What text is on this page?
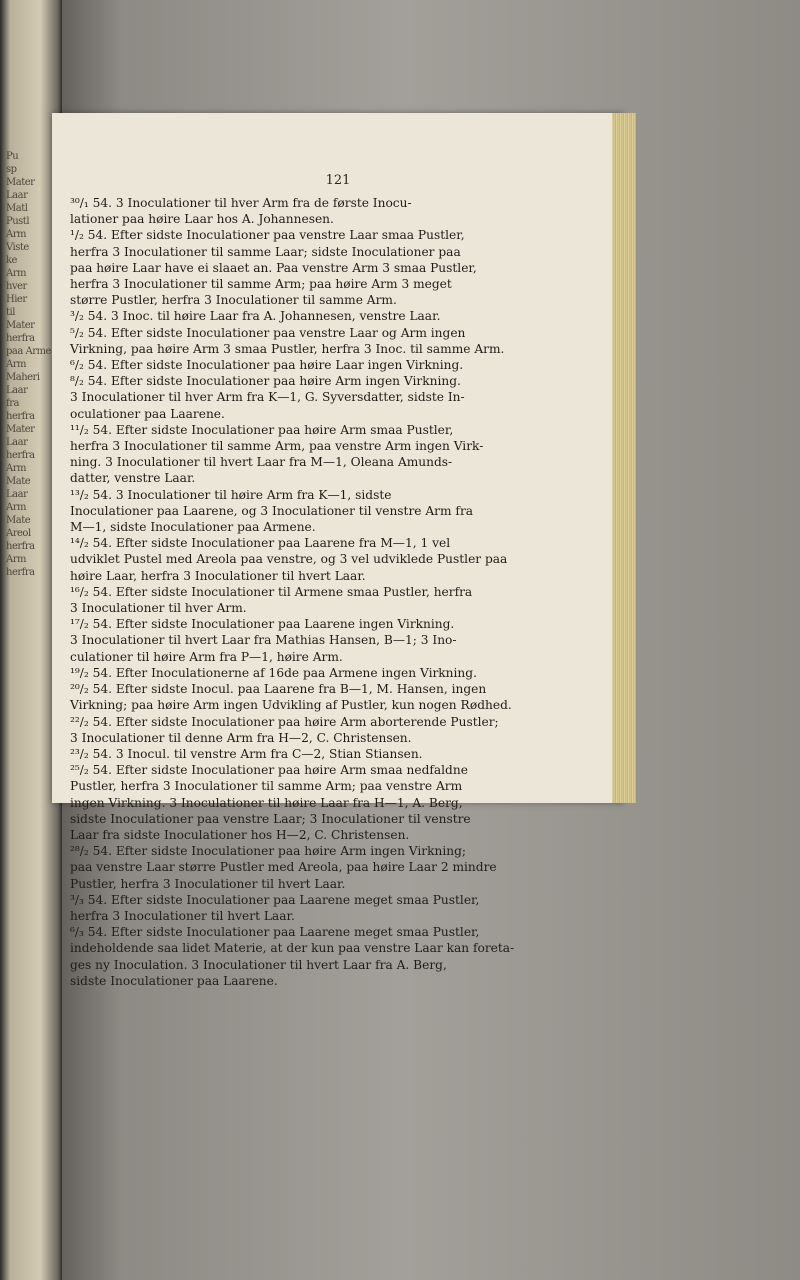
Pu
sp
Mater
Laar
Matl
Pustl
Arm
Viste
ke
Arm
hver
Hier
til
Mater
herfra
paa Arme
Arm
Maheri
Laar
fra
herfra
Mater
Laar
herfra
Arm
Mate
Laar
Arm
Mate
Areol
herfra
Arm
herfra
121
³⁰/₁ 54. 3 Inoculationer til hver Arm fra de første Inocu-
lationer paa høire Laar hos A. Johannesen.
¹/₂ 54. Efter sidste Inoculationer paa venstre Laar smaa Pustler,
herfra 3 Inoculationer til samme Laar; sidste Inoculationer paa
paa høire Laar have ei slaaet an. Paa venstre Arm 3 smaa Pustler,
herfra 3 Inoculationer til samme Arm; paa høire Arm 3 meget
større Pustler, herfra 3 Inoculationer til samme Arm.
³/₂ 54. 3 Inoc. til høire Laar fra A. Johannesen, venstre Laar.
⁵/₂ 54. Efter sidste Inoculationer paa venstre Laar og Arm ingen
Virkning, paa høire Arm 3 smaa Pustler, herfra 3 Inoc. til samme Arm.
⁶/₂ 54. Efter sidste Inoculationer paa høire Laar ingen Virkning.
⁸/₂ 54. Efter sidste Inoculationer paa høire Arm ingen Virkning.
3 Inoculationer til hver Arm fra K—1, G. Syversdatter, sidste In-
oculationer paa Laarene.
¹¹/₂ 54. Efter sidste Inoculationer paa høire Arm smaa Pustler,
herfra 3 Inoculationer til samme Arm, paa venstre Arm ingen Virk-
ning. 3 Inoculationer til hvert Laar fra M—1, Oleana Amunds-
datter, venstre Laar.
¹³/₂ 54. 3 Inoculationer til høire Arm fra K—1, sidste
Inoculationer paa Laarene, og 3 Inoculationer til venstre Arm fra
M—1, sidste Inoculationer paa Armene.
¹⁴/₂ 54. Efter sidste Inoculationer paa Laarene fra M—1, 1 vel
udviklet Pustel med Areola paa venstre, og 3 vel udviklede Pustler paa
høire Laar, herfra 3 Inoculationer til hvert Laar.
¹⁶/₂ 54. Efter sidste Inoculationer til Armene smaa Pustler, herfra
3 Inoculationer til hver Arm.
¹⁷/₂ 54. Efter sidste Inoculationer paa Laarene ingen Virkning.
3 Inoculationer til hvert Laar fra Mathias Hansen, B—1; 3 Ino-
culationer til høire Arm fra P—1, høire Arm.
¹⁹/₂ 54. Efter Inoculationerne af 16de paa Armene ingen Virkning.
²⁰/₂ 54. Efter sidste Inocul. paa Laarene fra B—1, M. Hansen, ingen
Virkning; paa høire Arm ingen Udvikling af Pustler, kun nogen Rødhed.
²²/₂ 54. Efter sidste Inoculationer paa høire Arm aborterende Pustler;
3 Inoculationer til denne Arm fra H—2, C. Christensen.
²³/₂ 54. 3 Inocul. til venstre Arm fra C—2, Stian Stiansen.
²⁵/₂ 54. Efter sidste Inoculationer paa høire Arm smaa nedfaldne
Pustler, herfra 3 Inoculationer til samme Arm; paa venstre Arm
ingen Virkning. 3 Inoculationer til høire Laar fra H—1, A. Berg,
sidste Inoculationer paa venstre Laar; 3 Inoculationer til venstre
Laar fra sidste Inoculationer hos H—2, C. Christensen.
²⁸/₂ 54. Efter sidste Inoculationer paa høire Arm ingen Virkning;
paa venstre Laar større Pustler med Areola, paa høire Laar 2 mindre
Pustler, herfra 3 Inoculationer til hvert Laar.
³/₃ 54. Efter sidste Inoculationer paa Laarene meget smaa Pustler,
herfra 3 Inoculationer til hvert Laar.
⁶/₃ 54. Efter sidste Inoculationer paa Laarene meget smaa Pustler,
indeholdende saa lidet Materie, at der kun paa venstre Laar kan foreta-
ges ny Inoculation. 3 Inoculationer til hvert Laar fra A. Berg,
sidste Inoculationer paa Laarene.
